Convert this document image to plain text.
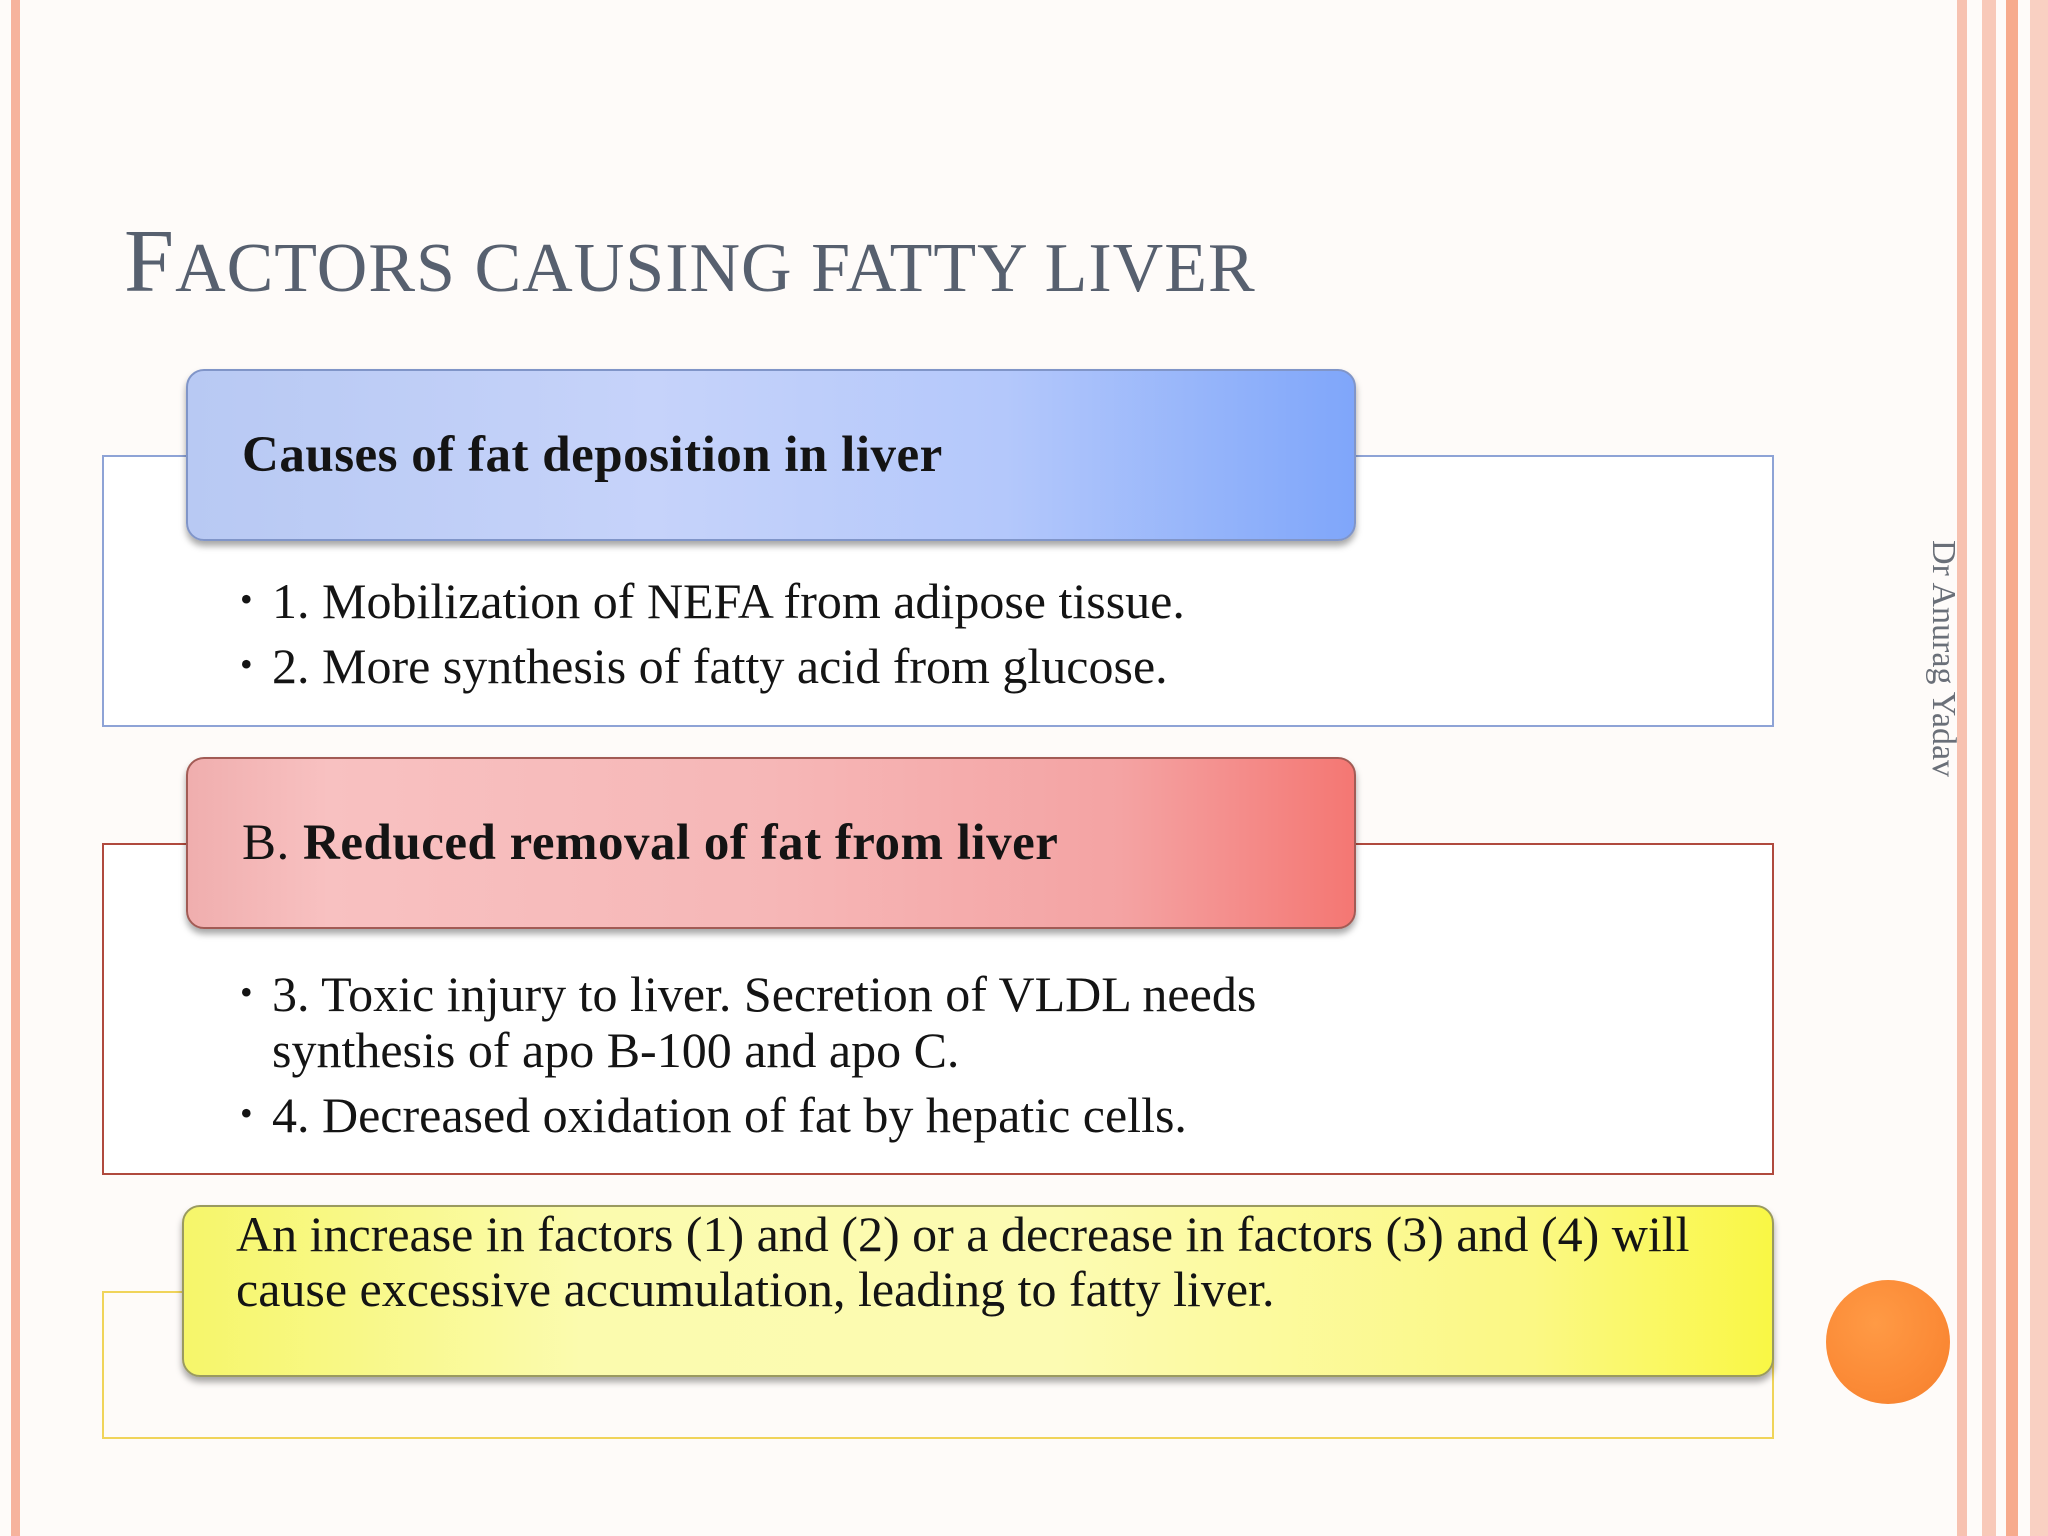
FACTORS CAUSING FATTY LIVER
Causes of fat deposition in liver
• 1. Mobilization of NEFA from adipose tissue.
• 2. More synthesis of fatty acid from glucose.
B. Reduced removal of fat from liver
• 3. Toxic injury to liver. Secretion of VLDL needs synthesis of apo B-100 and apo C.
• 4. Decreased oxidation of fat by hepatic cells.
An increase in factors (1) and (2) or a decrease in factors (3) and (4) will cause excessive accumulation, leading to fatty liver.
Dr Anurag Yadav
